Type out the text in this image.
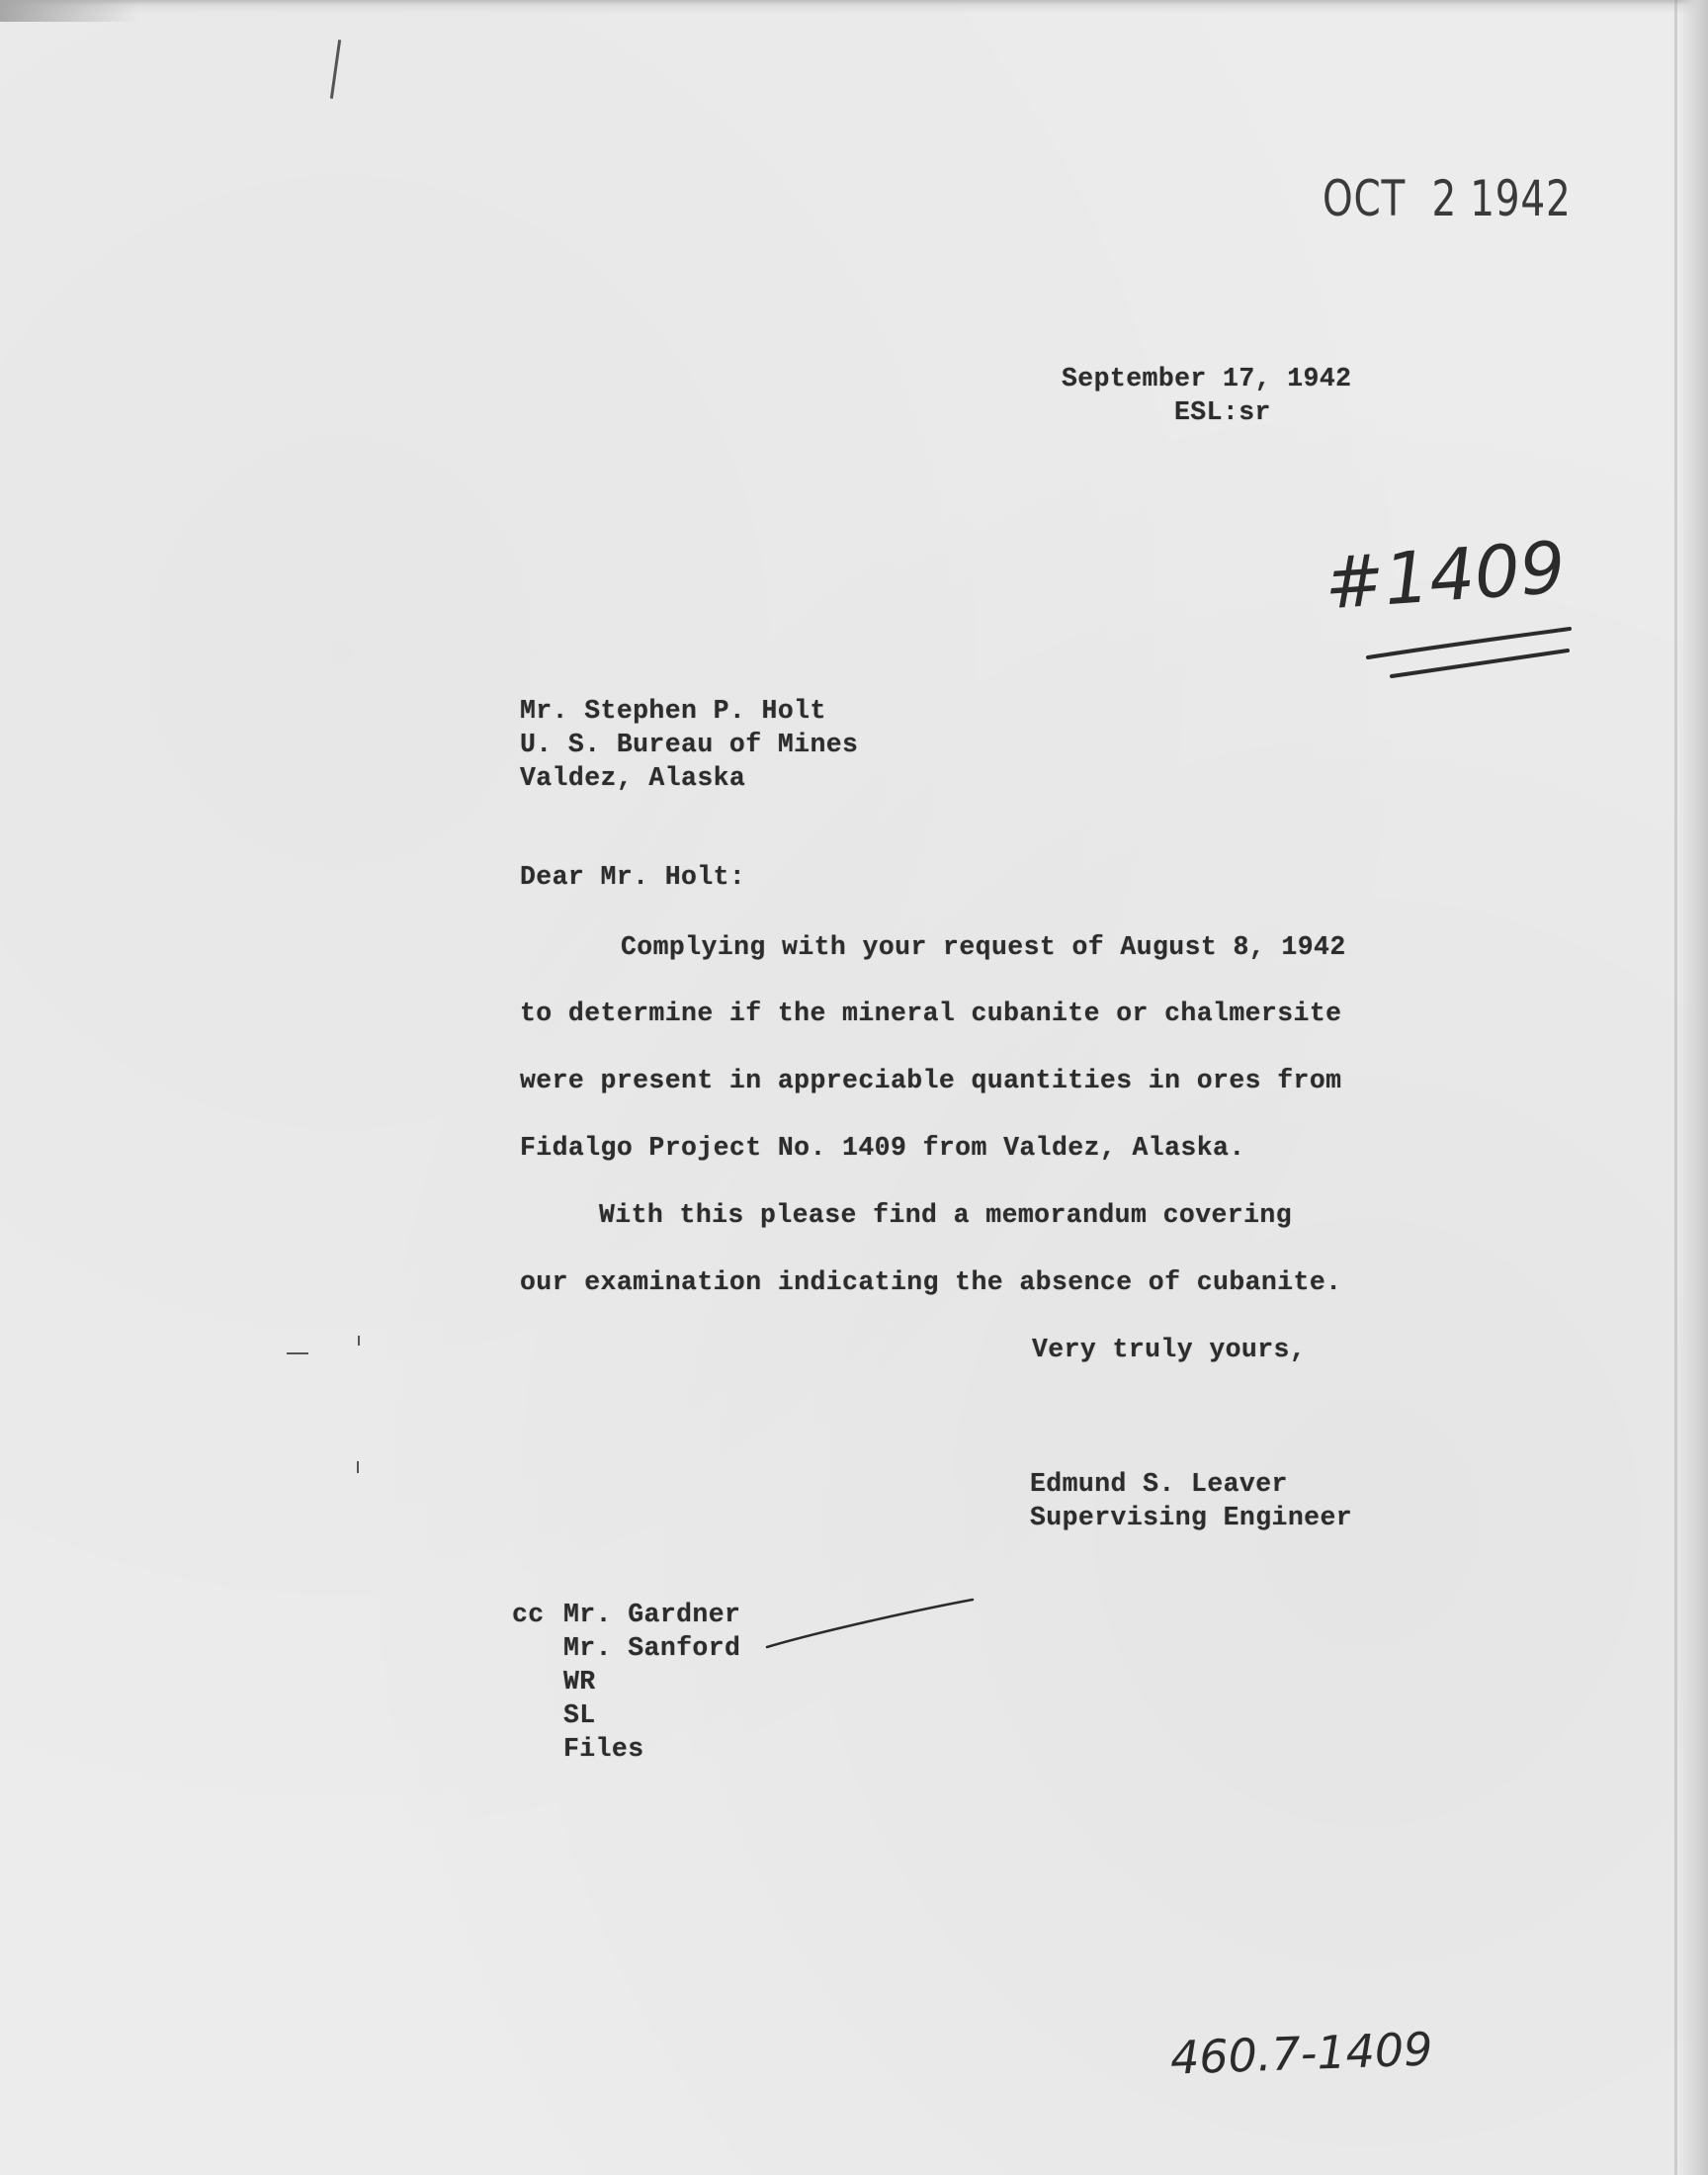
OCT  2 1942
September 17, 1942
ESL:sr
#1409
Mr. Stephen P. Holt
U. S. Bureau of Mines
Valdez, Alaska
Dear Mr. Holt:
Complying with your request of August 8, 1942
to determine if the mineral cubanite or chalmersite
were present in appreciable quantities in ores from
Fidalgo Project No. 1409 from Valdez, Alaska.
With this please find a memorandum covering
our examination indicating the absence of cubanite.
Very truly yours,
Edmund S. Leaver
Supervising Engineer
cc Mr. Gardner
Mr. Sanford
WR
SL
Files
460.7-1409
